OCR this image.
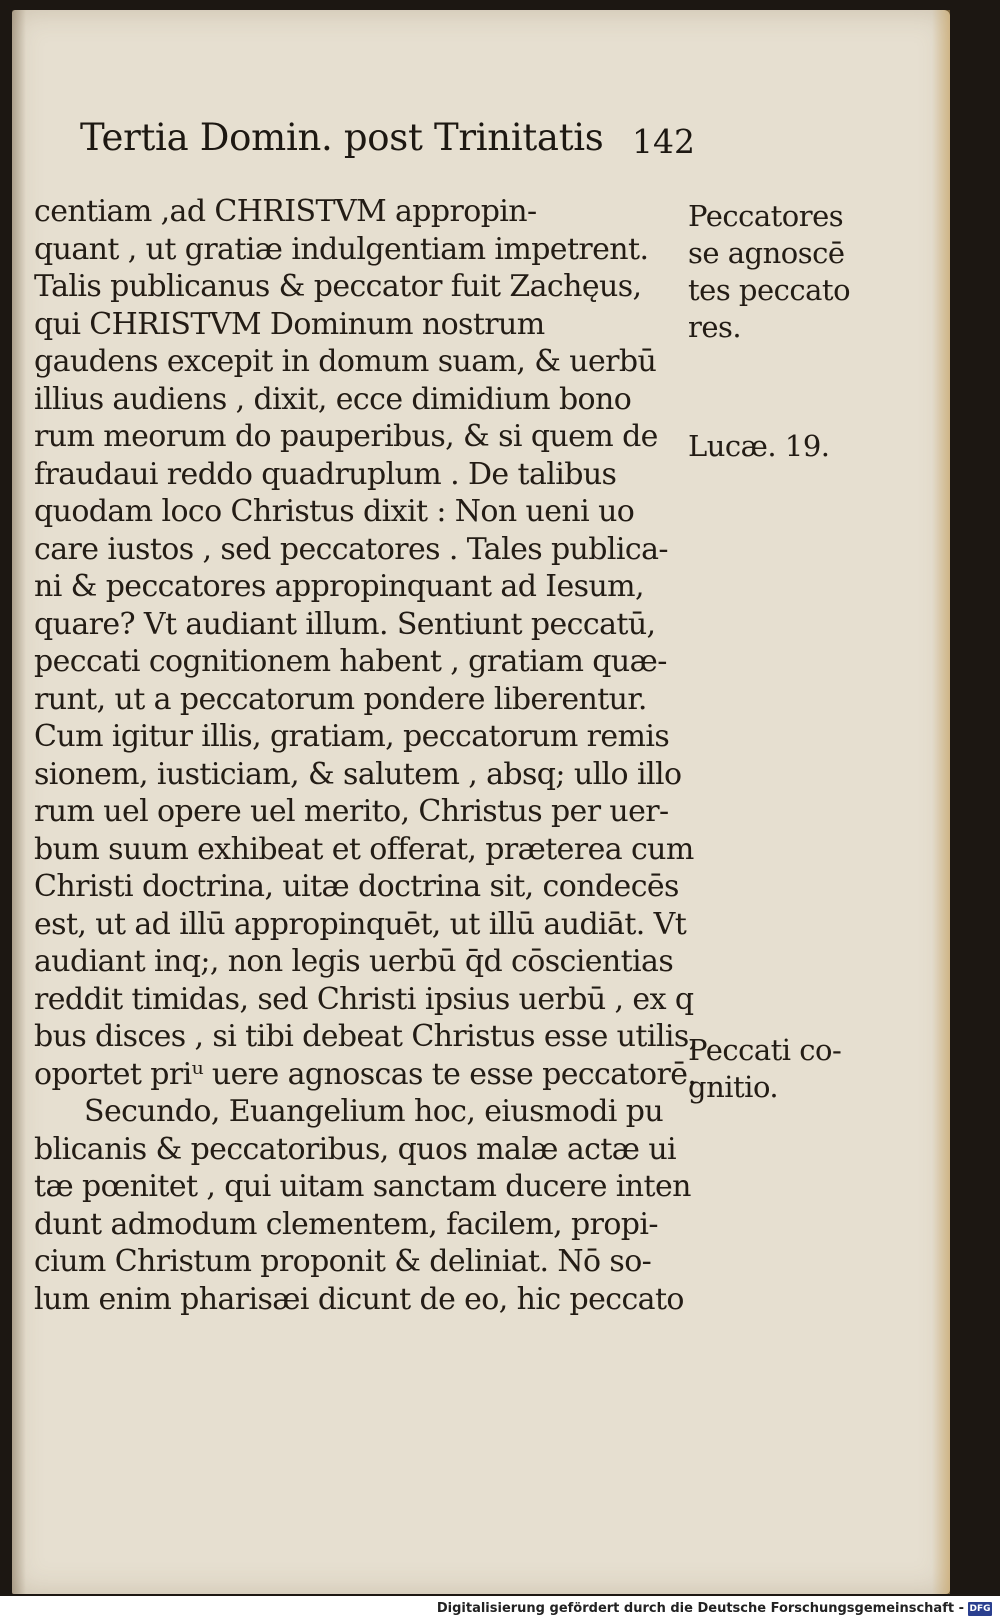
Tertia Domin. post Trinitatis 142
centiam ,ad CHRISTVM appropin-
quant , ut gratiæ indulgentiam impetrent.
Talis publicanus & peccator fuit Zachęus,
qui CHRISTVM Dominum nostrum
gaudens excepit in domum suam, & uerbū
illius audiens , dixit, ecce dimidium bono
rum meorum do pauperibus, & si quem de
fraudaui reddo quadruplum . De talibus
quodam loco Christus dixit : Non ueni uo
care iustos , sed peccatores . Tales publica-
ni & peccatores appropinquant ad Iesum,
quare? Vt audiant illum. Sentiunt peccatū,
peccati cognitionem habent , gratiam quæ-
runt, ut a peccatorum pondere liberentur.
Cum igitur illis, gratiam, peccatorum remis
sionem, iusticiam, & salutem , absq; ullo illo
rum uel opere uel merito, Christus per uer-
bum suum exhibeat et offerat, præterea cum
Christi doctrina, uitæ doctrina sit, condecēs
est, ut ad illū appropinquēt, ut illū audiāt. Vt
audiant inq;, non legis uerbū q̄d cōscientias
reddit timidas, sed Christi ipsius uerbū , ex q
bus disces , si tibi debeat Christus esse utilis,
oportet priᵘ uere agnoscas te esse peccatorē.
Secundo, Euangelium hoc, eiusmodi pu
blicanis & peccatoribus, quos malæ actæ ui
tæ pœnitet , qui uitam sanctam ducere inten
dunt admodum clementem, facilem, propi-
cium Christum proponit & deliniat. Nō so-
lum enim pharisæi dicunt de eo, hic peccato
Peccatores
se agnoscē
tes peccato
res.
Lucæ. 19.
Peccati co-
gnitio.
Digitalisierung gefördert durch die Deutsche Forschungsgemeinschaft - DFG
